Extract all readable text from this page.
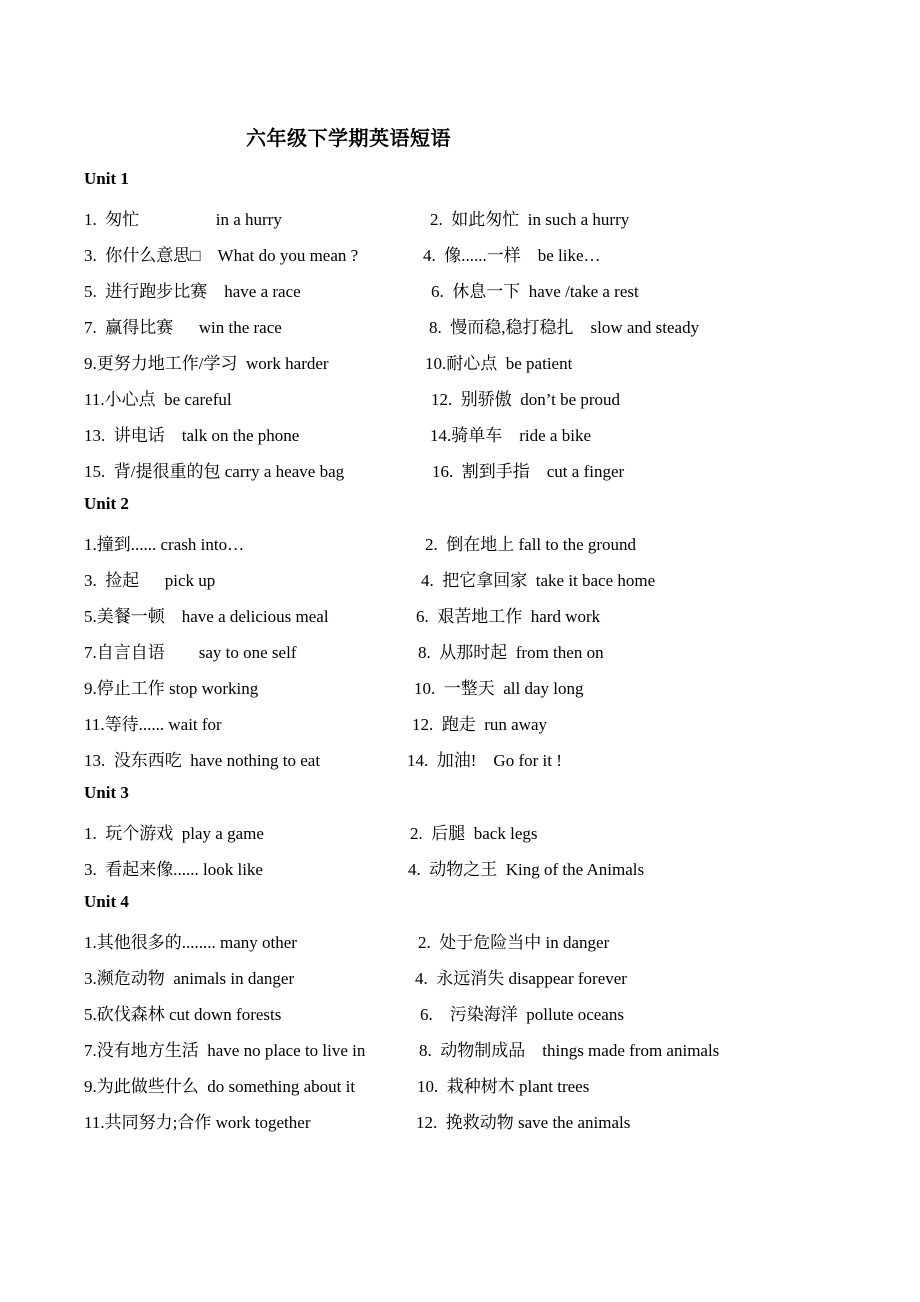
六年级下学期英语短语
Unit 1
1.  匆忙                  in a hurry	2.  如此匆忙  in such a hurry
3.  你什么意思□    What do you mean ?	4.  像......一样    be like…
5.  进行跑步比赛    have a race	6.  休息一下  have /take a rest
7.  赢得比赛      win the race	8.  慢而稳,稳打稳扎    slow and steady
9.更努力地工作/学习  work harder	10.耐心点  be patient
11.小心点  be careful	12.  别骄傲  don’t be proud
13.  讲电话    talk on the phone	14.骑单车    ride a bike
15.  背/提很重的包 carry a heave bag	16.  割到手指    cut a finger
Unit 2
1.撞到...... crash into…	2.  倒在地上 fall to the ground
3.  捡起      pick up	4.  把它拿回家  take it bace home
5.美餐一顿    have a delicious meal	6.  艰苦地工作  hard work
7.自言自语        say to one self	8.  从那时起  from then on
9.停止工作 stop working	10.  一整天  all day long
11.等待...... wait for	12.  跑走  run away
13.  没东西吃  have nothing to eat	14.  加油!    Go for it !
Unit 3
1.  玩个游戏  play a game	2.  后腿  back legs
3.  看起来像...... look like	4.  动物之王  King of the Animals
Unit 4
1.其他很多的........ many other	2.  处于危险当中 in danger
3.濒危动物  animals in danger	4.  永远消失 disappear forever
5.砍伐森林 cut down forests	6.    污染海洋  pollute oceans
7.没有地方生活  have no place to live in	8.  动物制成品    things made from animals
9.为此做些什么  do something about it	10.  栽种树木 plant trees
11.共同努力;合作 work together	12.  挽救动物 save the animals
